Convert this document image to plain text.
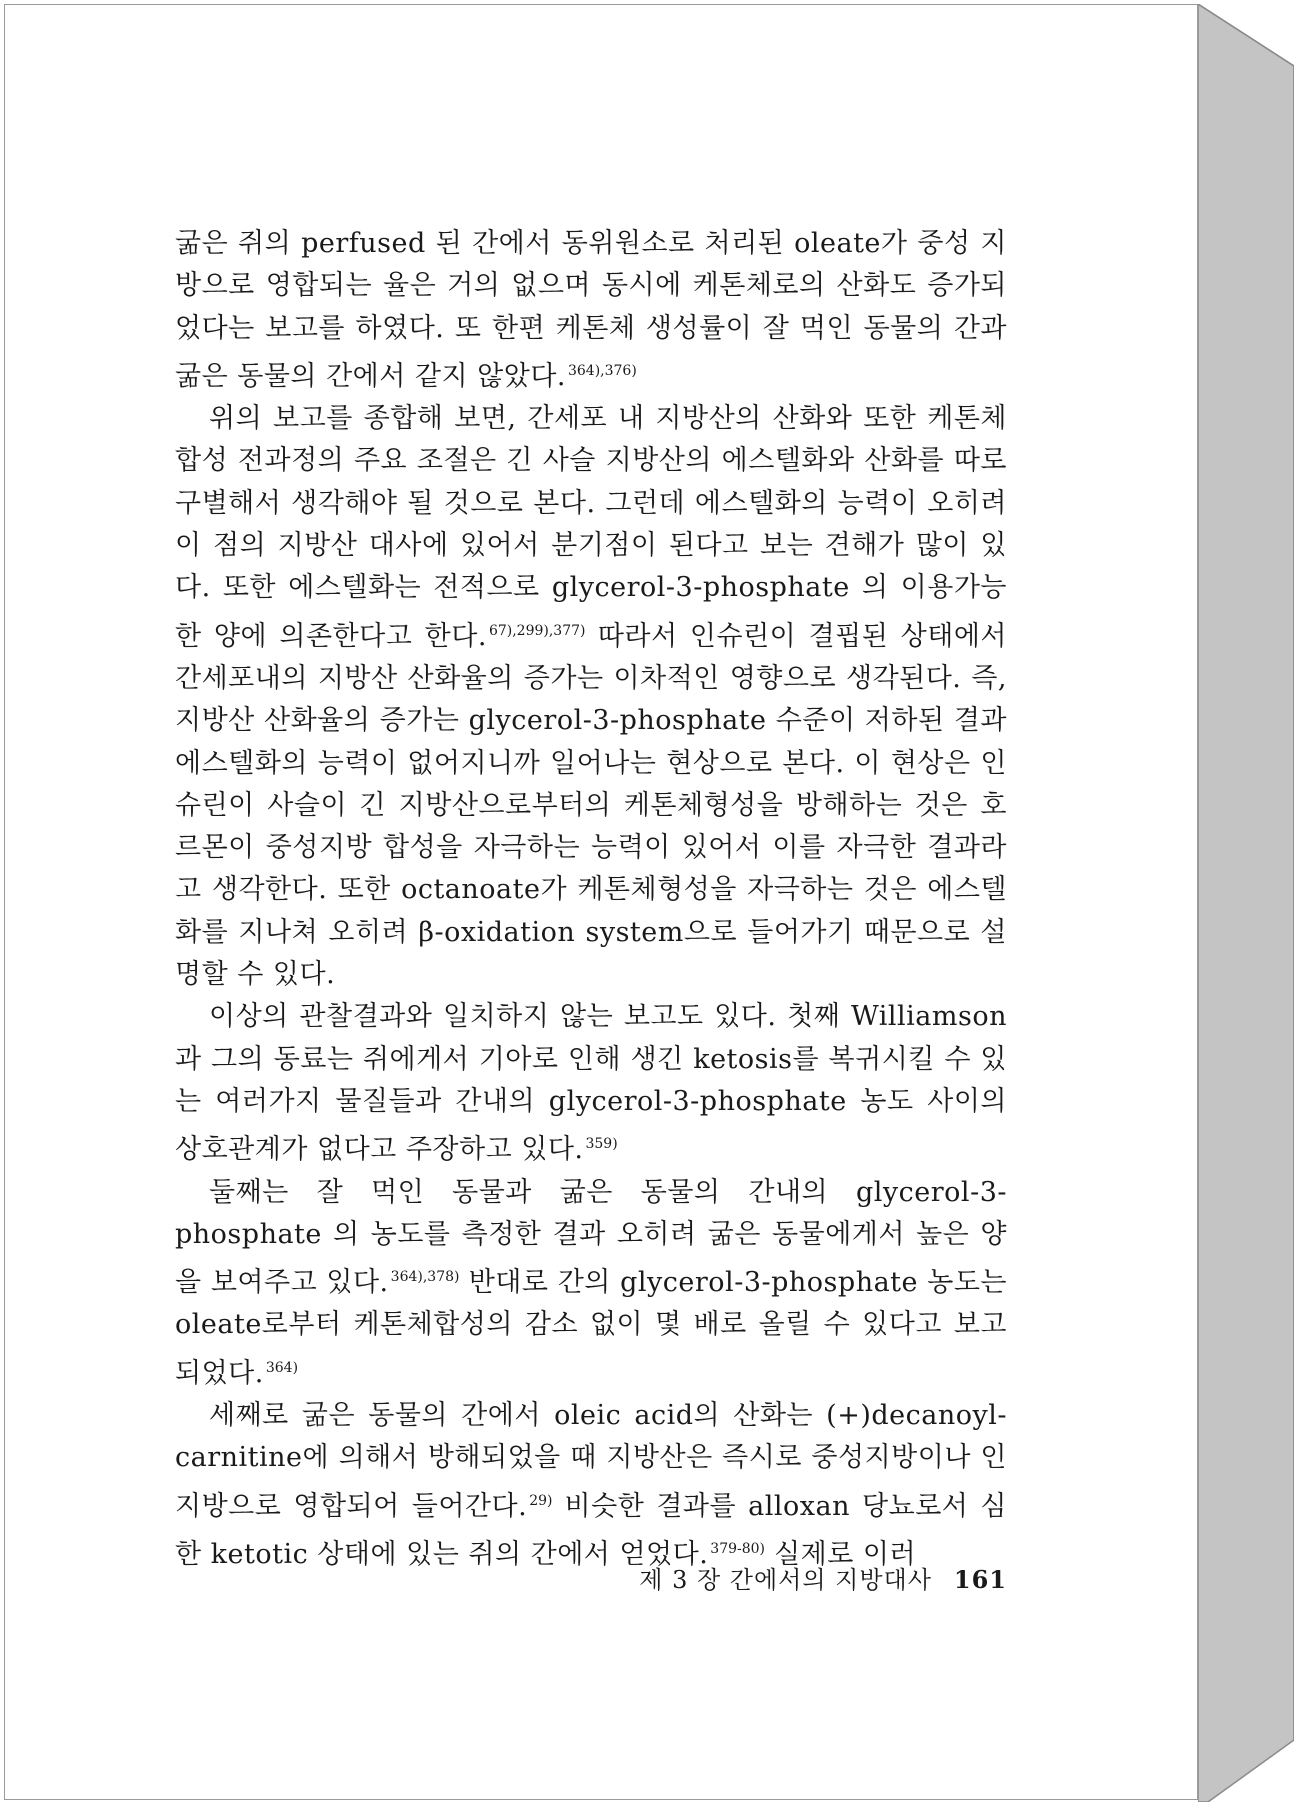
굶은 쥐의 perfused 된 간에서 동위원소로 처리된 oleate가 중성 지방으로 영합되는 율은 거의 없으며 동시에 케톤체로의 산화도 증가되었다는 보고를 하였다. 또 한편 케톤체 생성률이 잘 먹인 동물의 간과 굶은 동물의 간에서 같지 않았다. $^{364),376)}$

위의 보고를 종합해 보면, 간세포 내 지방산의 산화와 또한 케톤체합성 전과정의 주요 조절은 긴 사슬 지방산의 에스텔화와 산화를 따로 구별해서 생각해야 될 것으로 본다. 그런데 에스텔화의 능력이 오히려 이 점의 지방산 대사에 있어서 분기점이 된다고 보는 견해가 많이 있다. 또한 에스텔화는 전적으로 glycerol-3-phosphate 의 이용가능한 양에 의존한다고 한다. $^{67),299),377)}$ 따라서 인슈린이 결핍된 상태에서 간세포내의 지방산 산화율의 증가는 이차적인 영향으로 생각된다. 즉, 지방산 산화율의 증가는 glycerol-3-phosphate 수준이 저하된 결과 에스텔화의 능력이 없어지니까 일어나는 현상으로 본다. 이 현상은 인슈린이 사슬이 긴 지방산으로부터의 케톤체형성을 방해하는 것은 호르몬이 중성지방 합성을 자극하는 능력이 있어서 이를 자극한 결과라고 생각한다. 또한 octanoate가 케톤체형성을 자극하는 것은 에스텔화를 지나쳐 오히려 β-oxidation system으로 들어가기 때문으로 설명할 수 있다.

이상의 관찰결과와 일치하지 않는 보고도 있다. 첫째 Williamson 과 그의 동료는 쥐에게서 기아로 인해 생긴 ketosis를 복귀시킬 수 있는 여러가지 물질들과 간내의 glycerol-3-phosphate 농도 사이의 상호관계가 없다고 주장하고 있다. $^{359)}$

둘째는 잘 먹인 동물과 굶은 동물의 간내의 glycerol-3-phosphate 의 농도를 측정한 결과 오히려 굶은 동물에게서 높은 양을 보여주고 있다. $^{364),378)}$ 반대로 간의 glycerol-3-phosphate 농도는 oleate로부터 케톤체합성의 감소 없이 몇 배로 올릴 수 있다고 보고되었다. $^{364)}$

세째로 굶은 동물의 간에서 oleic acid의 산화는 (+)decanoyl-carnitine에 의해서 방해되었을 때 지방산은 즉시로 중성지방이나 인지방으로 영합되어 들어간다. $^{29)}$ 비슷한 결과를 alloxan 당뇨로서 심한 ketotic 상태에 있는 쥐의 간에서 얻었다. $^{379-80)}$ 실제로 이러

제 3 장 간에서의 지방대사 161
